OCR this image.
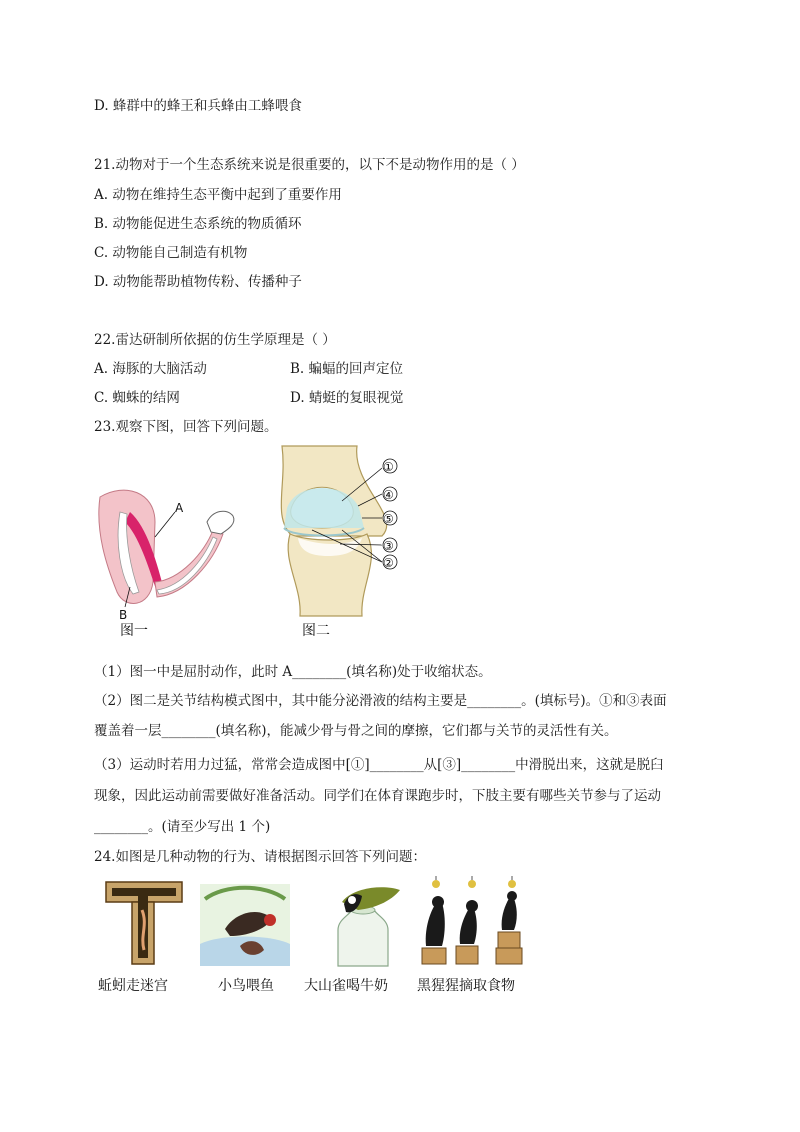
D. 蜂群中的蜂王和兵蜂由工蜂喂食
21.动物对于一个生态系统来说是很重要的，以下不是动物作用的是（ ）
A. 动物在维持生态平衡中起到了重要作用
B. 动物能促进生态系统的物质循环
C. 动物能自己制造有机物
D. 动物能帮助植物传粉、传播种子
22.雷达研制所依据的仿生学原理是（ ）
A. 海豚的大脑活动	B. 蝙蝠的回声定位
C. 蜘蛛的结网	D. 蜻蜓的复眼视觉
23.观察下图，回答下列问题。
A
B
图一
①
④
⑤
③
②
图二
（1）图一中是屈肘动作，此时 A________(填名称)处于收缩状态。
（2）图二是关节结构模式图中，其中能分泌滑液的结构主要是________。(填标号)。①和③表面
覆盖着一层________(填名称)，能减少骨与骨之间的摩擦，它们都与关节的灵活性有关。
（3）运动时若用力过猛，常常会造成图中[①]________从[③]________中滑脱出来，这就是脱臼
现象，因此运动前需要做好准备活动。同学们在体育课跑步时，下肢主要有哪些关节参与了运动
________。(请至少写出 1 个)
24.如图是几种动物的行为、请根据图示回答下列问题：
蚯蚓走迷宫	小鸟喂鱼 大山雀喝牛奶 黑猩猩摘取食物
